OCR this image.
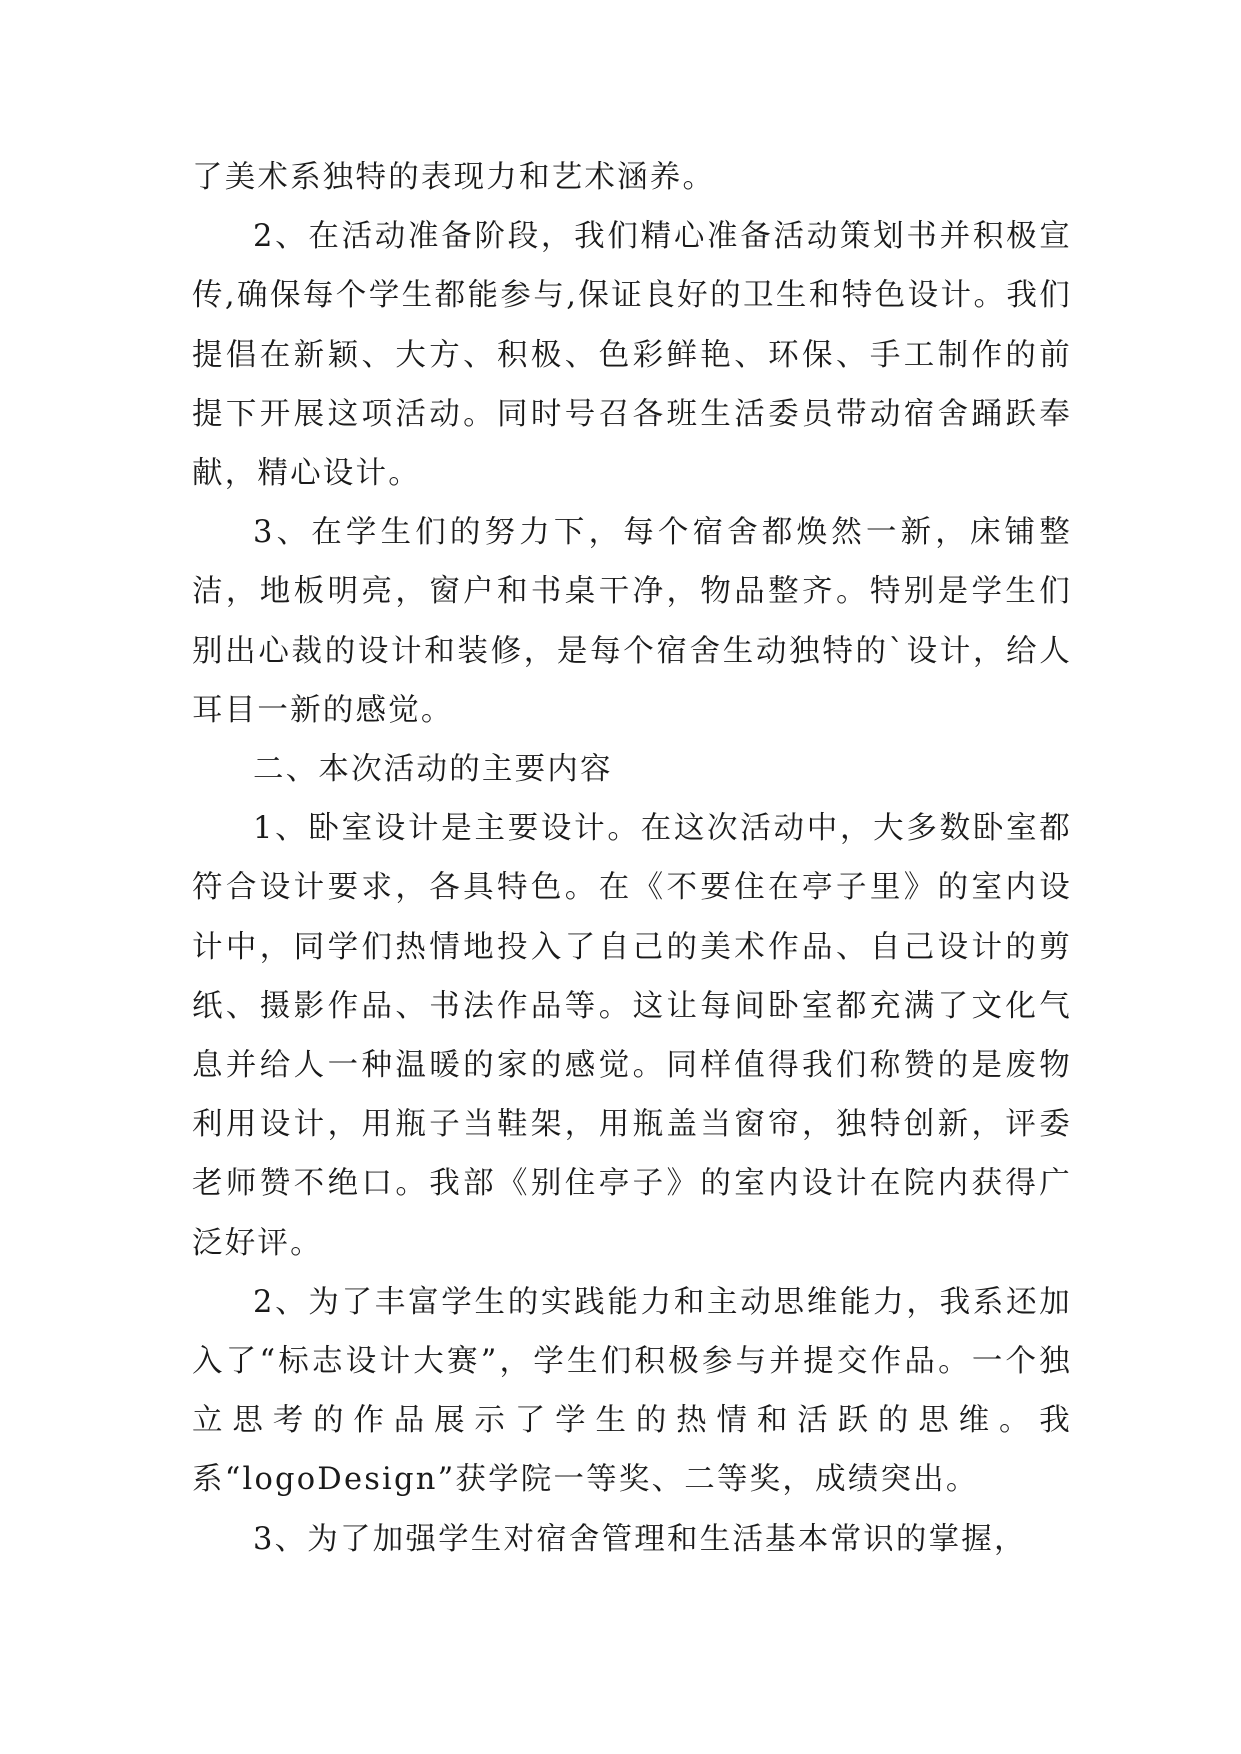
了美术系独特的表现力和艺术涵养。

2、在活动准备阶段，我们精心准备活动策划书并积极宣传,确保每个学生都能参与,保证良好的卫生和特色设计。我们提倡在新颖、大方、积极、色彩鲜艳、环保、手工制作的前提下开展这项活动。同时号召各班生活委员带动宿舍踊跃奉献，精心设计。

3、在学生们的努力下，每个宿舍都焕然一新，床铺整洁，地板明亮，窗户和书桌干净，物品整齐。特别是学生们别出心裁的设计和装修，是每个宿舍生动独特的`设计，给人耳目一新的感觉。

二、本次活动的主要内容

1、卧室设计是主要设计。在这次活动中，大多数卧室都符合设计要求，各具特色。在《不要住在亭子里》的室内设计中，同学们热情地投入了自己的美术作品、自己设计的剪纸、摄影作品、书法作品等。这让每间卧室都充满了文化气息并给人一种温暖的家的感觉。同样值得我们称赞的是废物利用设计，用瓶子当鞋架，用瓶盖当窗帘，独特创新，评委老师赞不绝口。我部《别住亭子》的室内设计在院内获得广泛好评。

2、为了丰富学生的实践能力和主动思维能力，我系还加入了“标志设计大赛”，学生们积极参与并提交作品。一个独立思考的作品展示了学生的热情和活跃的思维。我系“logoDesign”获学院一等奖、二等奖，成绩突出。

3、为了加强学生对宿舍管理和生活基本常识的掌握，
